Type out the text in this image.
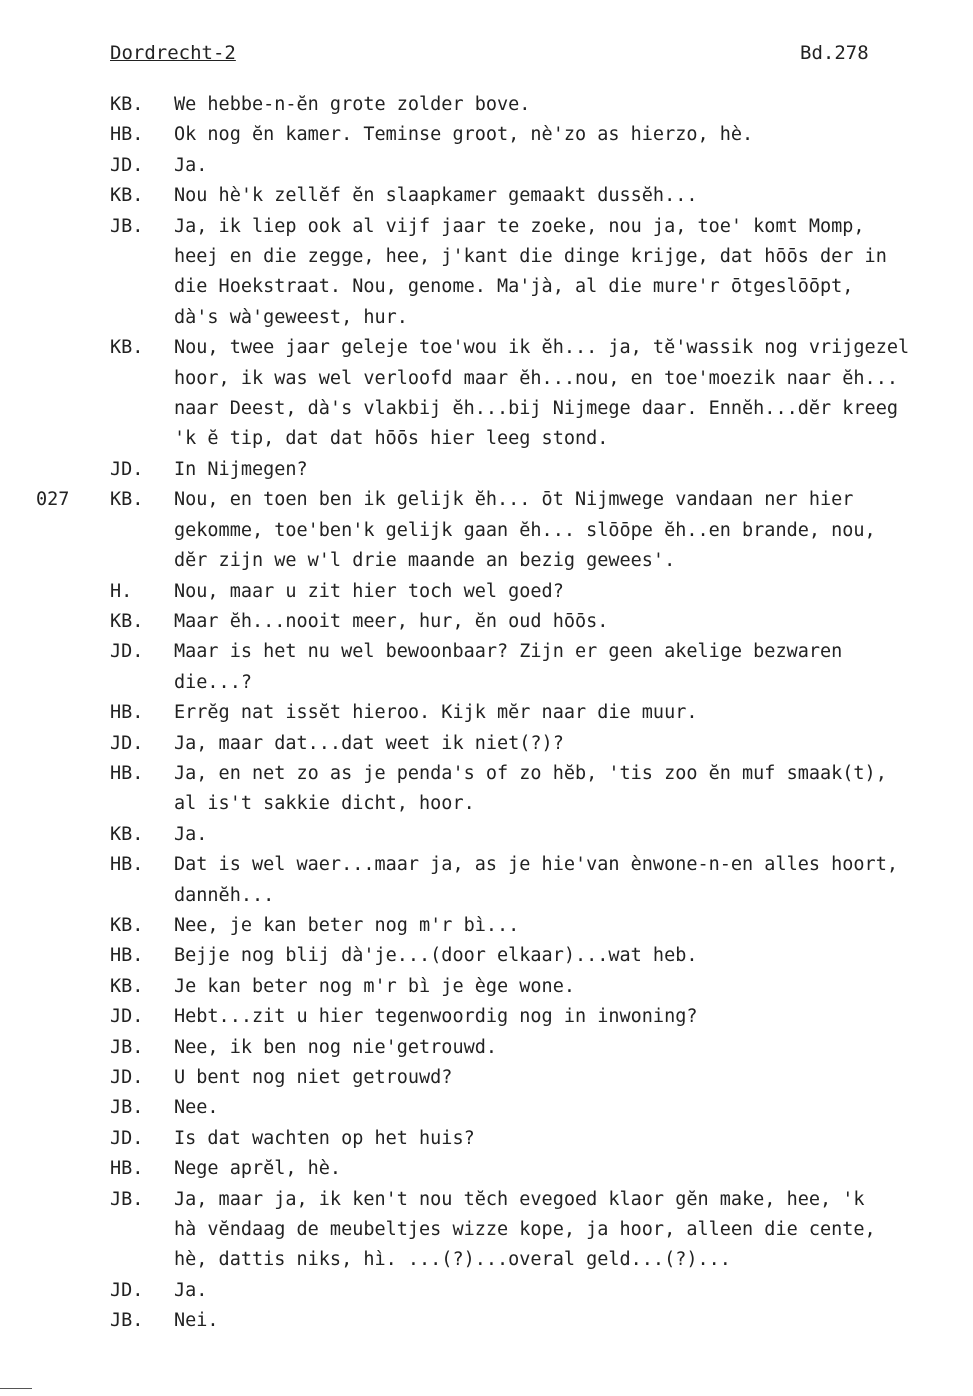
Dordrecht-2	Bd.278
KB.	We hebbe-n-ĕn grote zolder bove.
HB.	Ok nog ĕn kamer. Teminse groot, nè'zo as hierzo, hè.
JD.	Ja.
KB.	Nou hè'k zellĕf ĕn slaapkamer gemaakt dussĕh...
JB.	Ja, ik liep ook al vijf jaar te zoeke, nou ja, toe' komt Momp,
heej en die zegge, hee, j'kant die dinge krijge, dat hōōs der in
die Hoekstraat. Nou, genome. Ma'jà, al die mure'r ōtgeslōōpt,
dà's wà'geweest, hur.
KB.	Nou, twee jaar geleje toe'wou ik ĕh... ja, tĕ'wassik nog vrijgezel
hoor, ik was wel verloofd maar ĕh...nou, en toe'moezik naar ĕh...
naar Deest, dà's vlakbij ĕh...bij Nijmege daar. Ennĕh...dĕr kreeg
'k ĕ tip, dat dat hōōs hier leeg stond.
JD.	In Nijmegen?
027 KB.	Nou, en toen ben ik gelijk ĕh... ōt Nijmwege vandaan ner hier
gekomme, toe'ben'k gelijk gaan ĕh... slōōpe ĕh..en brande, nou,
dĕr zijn we w'l drie maande an bezig gewees'.
H.	Nou, maar u zit hier toch wel goed?
KB.	Maar ĕh...nooit meer, hur, ĕn oud hōōs.
JD.	Maar is het nu wel bewoonbaar? Zijn er geen akelige bezwaren
die...?
HB.	Errĕg nat issĕt hieroo. Kijk mĕr naar die muur.
JD.	Ja, maar dat...dat weet ik niet(?)?
HB.	Ja, en net zo as je penda's of zo hĕb, 'tis zoo ĕn muf smaak(t),
al is't sakkie dicht, hoor.
KB.	Ja.
HB.	Dat is wel waer...maar ja, as je hie'van ènwone-n-en alles hoort,
dannĕh...
KB.	Nee, je kan beter nog m'r bì...
HB.	Bejje nog blij dà'je...(door elkaar)...wat heb.
KB.	Je kan beter nog m'r bì je ège wone.
JD.	Hebt...zit u hier tegenwoordig nog in inwoning?
JB.	Nee, ik ben nog nie'getrouwd.
JD.	U bent nog niet getrouwd?
JB.	Nee.
JD.	Is dat wachten op het huis?
HB.	Nege aprĕl, hè.
JB.	Ja, maar ja, ik ken't nou tĕch evegoed klaor gĕn make, hee, 'k
hà vĕndaag de meubeltjes wizze kope, ja hoor, alleen die cente,
hè, dattis niks, hì. ...(?)...overal geld...(?)...
JD.	Ja.
JB.	Nei.
